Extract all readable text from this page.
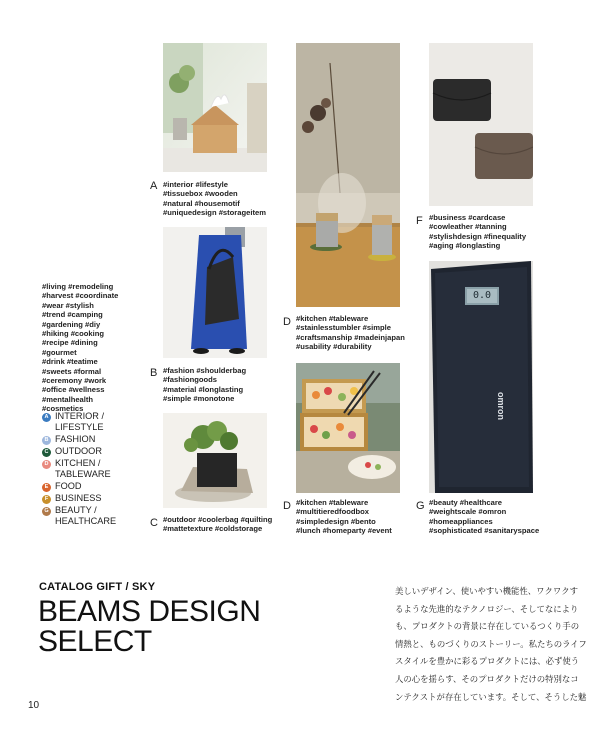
#living #remodeling
#harvest #coordinate
#wear #stylish
#trend #camping
#gardening #diy
#hiking #cooking
#recipe #dining
#gourmet
#drink #teatime
#sweets #formal
#ceremony #work
#office #wellness
#mentalhealth
#cosmetics
A INTERIOR /
LIFESTYLE
B FASHION
C OUTDOOR
D KITCHEN /
TABLEWARE
E FOOD
F BUSINESS
G BEAUTY /
HEALTHCARE
A #interior #lifestyle
#tissuebox #wooden
#natural #housemotif
#uniquedesign #storageitem
B #fashion #shoulderbag
#fashiongoods
#material #longlasting
#simple #monotone
C #outdoor #coolerbag #quilting
#mattetexture #coldstorage
D #kitchen #tableware
#stainlesstumbler #simple
#craftsmanship #madeinjapan
#usability #durability
D #kitchen #tableware
#multitieredfoodbox
#simpledesign #bento
#lunch #homeparty #event
F #business #cardcase
#cowleather #tanning
#stylishdesign #finequality
#aging #longlasting
0.0
omron
G #beauty #healthcare
#weightscale #omron
#homeappliances
#sophisticated #sanitaryspace
CATALOG GIFT / SKY
BEAMS DESIGN
SELECT
美しいデザイン、使いやすい機能性、ワクワクす
るような先進的なテクノロジー、そしてなにより
も、プロダクトの背景に存在しているつくり手の
情熱と、ものづくりのストーリー。私たちのライフ
スタイルを豊かに彩るプロダクトには、必ず使う
人の心を揺らす、そのプロダクトだけの特別なコ
ンテクストが存在しています。そして、そうした魅
10
